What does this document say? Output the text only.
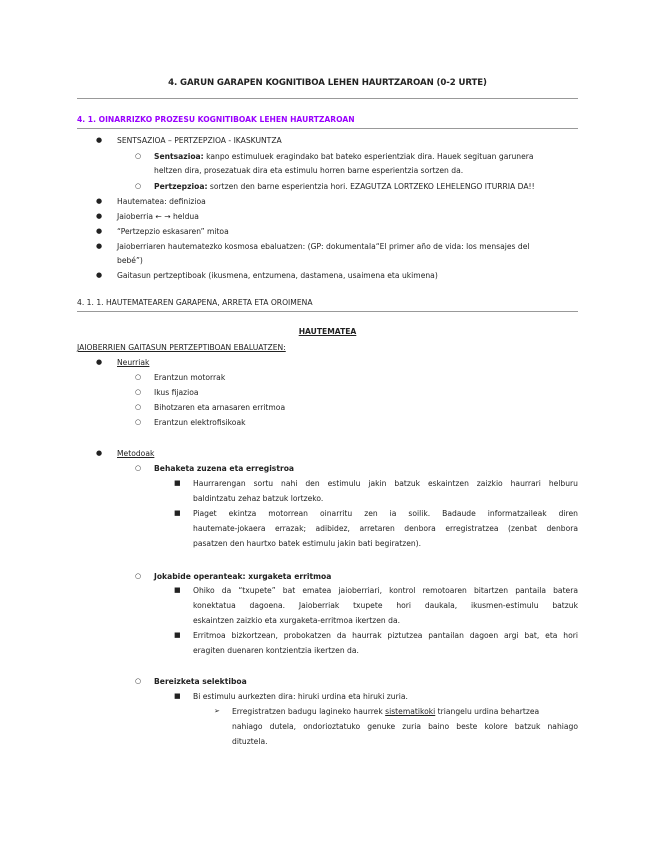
4. GARUN GARAPEN KOGNITIBOA LEHEN HAURTZAROAN (0-2 URTE)
4. 1. OINARRIZKO PROZESU KOGNITIBOAK LEHEN HAURTZAROAN
● SENTSAZIOA – PERTZEPZIOA - IKASKUNTZA
○ Sentsazioa: kanpo estimuluek eragindako bat bateko esperientziak dira. Hauek segituan garunera
heltzen dira, prosezatuak dira eta estimulu horren barne esperientzia sortzen da.
○ Pertzepzioa: sortzen den barne esperientzia hori. EZAGUTZA LORTZEKO LEHELENGO ITURRIA DA!!
● Hautematea: definizioa
● Jaioberria ← → heldua
● “Pertzepzio eskasaren” mitoa
● Jaioberriaren hautematezko kosmosa ebaluatzen: (GP: dokumentala“El primer año de vida: los mensajes del
bebé”)
● Gaitasun pertzeptiboak (ikusmena, entzumena, dastamena, usaimena eta ukimena)
4. 1. 1. HAUTEMATEAREN GARAPENA, ARRETA ETA OROIMENA
HAUTEMATEA
JAIOBERRIEN GAITASUN PERTZEPTIBOAN EBALUATZEN:
● Neurriak
○ Erantzun motorrak
○ Ikus fijazioa
○ Bihotzaren eta arnasaren erritmoa
○ Erantzun elektrofisikoak
● Metodoak
○ Behaketa zuzena eta erregistroa
■ Haurrarengan sortu nahi den estimulu jakin batzuk eskaintzen zaizkio haurrari helburu
baldintzatu zehaz batzuk lortzeko.
■ Piaget ekintza motorrean oinarritu zen ia soilik. Badaude informatzaileak diren
hautemate-jokaera errazak; adibidez, arretaren denbora erregistratzea (zenbat denbora
pasatzen den haurtxo batek estimulu jakin bati begiratzen).
○ Jokabide operanteak: xurgaketa erritmoa
■ Ohiko da “txupete” bat ematea jaioberriari, kontrol remotoaren bitartzen pantaila batera
konektatua dagoena. Jaioberriak txupete hori daukala, ikusmen-estimulu batzuk
eskaintzen zaizkio eta xurgaketa-erritmoa ikertzen da.
■ Erritmoa bizkortzean, probokatzen da haurrak piztutzea pantailan dagoen argi bat, eta hori
eragiten duenaren kontzientzia ikertzen da.
○ Bereizketa selektiboa
■ Bi estimulu aurkezten dira: hiruki urdina eta hiruki zuria.
➢ Erregistratzen badugu lagineko haurrek sistematikoki triangelu urdina behartzea
nahiago dutela, ondorioztatuko genuke zuria baino beste kolore batzuk nahiago
dituztela.
